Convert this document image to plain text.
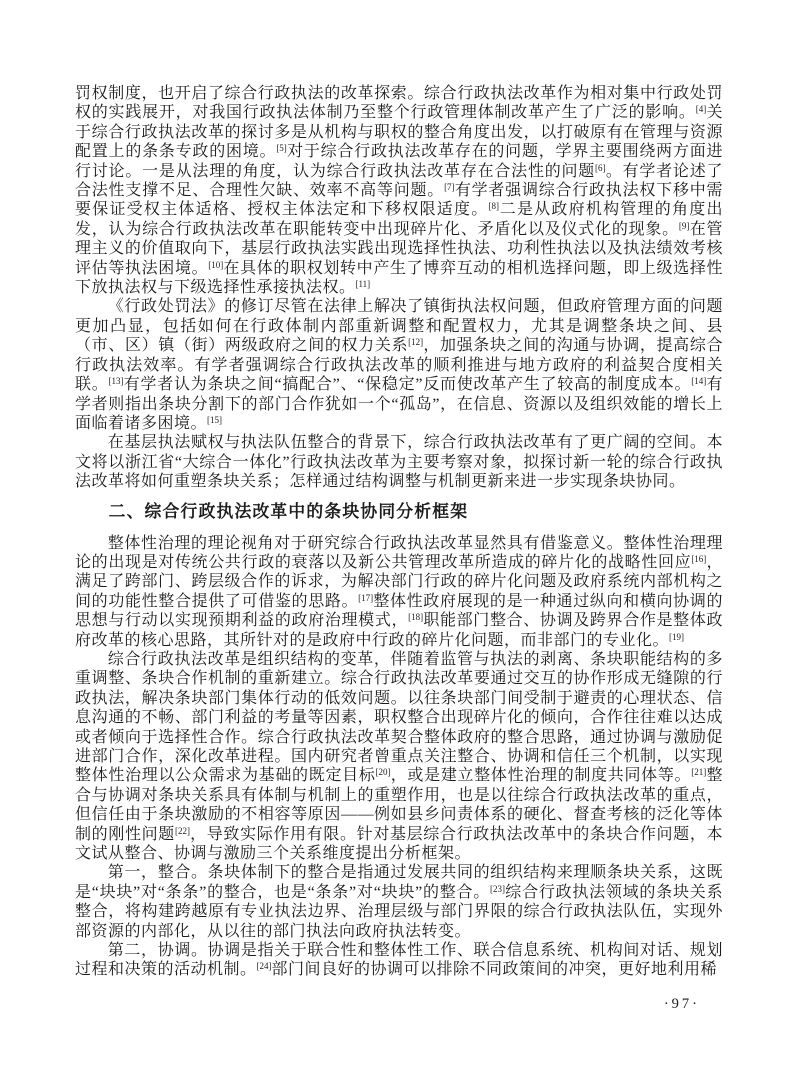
罚权制度，也开启了综合行政执法的改革探索。综合行政执法改革作为相对集中行政处罚权的实践展开，对我国行政执法体制乃至整个行政管理体制改革产生了广泛的影响。[4]关于综合行政执法改革的探讨多是从机构与职权的整合角度出发，以打破原有在管理与资源配置上的条条专政的困境。[5]对于综合行政执法改革存在的问题，学界主要围绕两方面进行讨论。一是从法理的角度，认为综合行政执法改革存在合法性的问题[6]。有学者论述了合法性支撑不足、合理性欠缺、效率不高等问题。[7]有学者强调综合行政执法权下移中需要保证受权主体适格、授权主体法定和下移权限适度。[8]二是从政府机构管理的角度出发，认为综合行政执法改革在职能转变中出现碎片化、矛盾化以及仪式化的现象。[9]在管理主义的价值取向下，基层行政执法实践出现选择性执法、功利性执法以及执法绩效考核评估等执法困境。[10]在具体的职权划转中产生了博弈互动的相机选择问题，即上级选择性下放执法权与下级选择性承接执法权。[11]

《行政处罚法》的修订尽管在法律上解决了镇街执法权问题，但政府管理方面的问题更加凸显，包括如何在行政体制内部重新调整和配置权力，尤其是调整条块之间、县（市、区）镇（街）两级政府之间的权力关系[12]，加强条块之间的沟通与协调，提高综合行政执法效率。有学者强调综合行政执法改革的顺利推进与地方政府的利益契合度相关联。[13]有学者认为条块之间“搞配合”、“保稳定”反而使改革产生了较高的制度成本。[14]有学者则指出条块分割下的部门合作犹如一个“孤岛”，在信息、资源以及组织效能的增长上面临着诸多困境。[15]

在基层执法赋权与执法队伍整合的背景下，综合行政执法改革有了更广阔的空间。本文将以浙江省“大综合一体化”行政执法改革为主要考察对象，拟探讨新一轮的综合行政执法改革将如何重塑条块关系；怎样通过结构调整与机制更新来进一步实现条块协同。

二、综合行政执法改革中的条块协同分析框架

整体性治理的理论视角对于研究综合行政执法改革显然具有借鉴意义。整体性治理理论的出现是对传统公共行政的衰落以及新公共管理改革所造成的碎片化的战略性回应[16]，满足了跨部门、跨层级合作的诉求，为解决部门行政的碎片化问题及政府系统内部机构之间的功能性整合提供了可借鉴的思路。[17]整体性政府展现的是一种通过纵向和横向协调的思想与行动以实现预期利益的政府治理模式，[18]职能部门整合、协调及跨界合作是整体政府改革的核心思路，其所针对的是政府中行政的碎片化问题，而非部门的专业化。[19]

综合行政执法改革是组织结构的变革，伴随着监管与执法的剥离、条块职能结构的多重调整、条块合作机制的重新建立。综合行政执法改革要通过交互的协作形成无缝隙的行政执法，解决条块部门集体行动的低效问题。以往条块部门间受制于避责的心理状态、信息沟通的不畅、部门利益的考量等因素，职权整合出现碎片化的倾向，合作往往难以达成或者倾向于选择性合作。综合行政执法改革契合整体政府的整合思路，通过协调与激励促进部门合作，深化改革进程。国内研究者曾重点关注整合、协调和信任三个机制，以实现整体性治理以公众需求为基础的既定目标[20]，或是建立整体性治理的制度共同体等。[21]整合与协调对条块关系具有体制与机制上的重塑作用，也是以往综合行政执法改革的重点，但信任由于条块激励的不相容等原因——例如县乡问责体系的硬化、督查考核的泛化等体制的刚性问题[22]，导致实际作用有限。针对基层综合行政执法改革中的条块合作问题，本文试从整合、协调与激励三个关系维度提出分析框架。

第一，整合。条块体制下的整合是指通过发展共同的组织结构来理顺条块关系，这既是“块块”对“条条”的整合，也是“条条”对“块块”的整合。[23]综合行政执法领域的条块关系整合，将构建跨越原有专业执法边界、治理层级与部门界限的综合行政执法队伍，实现外部资源的内部化，从以往的部门执法向政府执法转变。

第二，协调。协调是指关于联合性和整体性工作、联合信息系统、机构间对话、规划过程和决策的活动机制。[24]部门间良好的协调可以排除不同政策间的冲突，更好地利用稀

·97·
